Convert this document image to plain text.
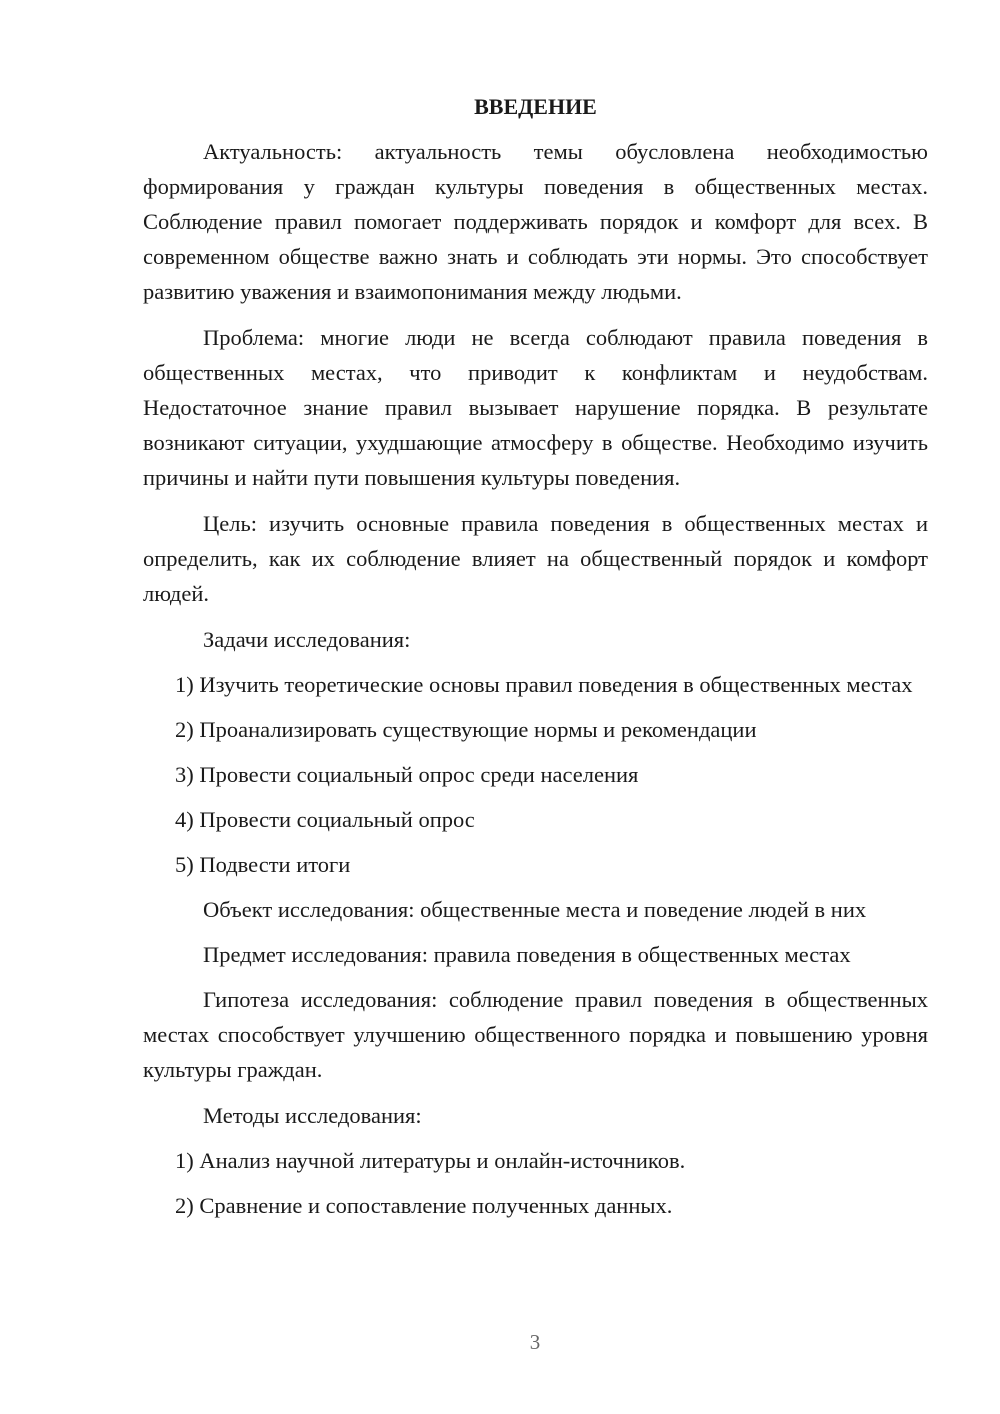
ВВЕДЕНИЕ

Актуальность: актуальность темы обусловлена необходимостью формирования у граждан культуры поведения в общественных местах. Соблюдение правил помогает поддерживать порядок и комфорт для всех. В современном обществе важно знать и соблюдать эти нормы. Это способствует развитию уважения и взаимопонимания между людьми.

Проблема: многие люди не всегда соблюдают правила поведения в общественных местах, что приводит к конфликтам и неудобствам. Недостаточное знание правил вызывает нарушение порядка. В результате возникают ситуации, ухудшающие атмосферу в обществе. Необходимо изучить причины и найти пути повышения культуры поведения.

Цель: изучить основные правила поведения в общественных местах и определить, как их соблюдение влияет на общественный порядок и комфорт людей.

Задачи исследования:

1) Изучить теоретические основы правил поведения в общественных местах

2) Проанализировать существующие нормы и рекомендации

3) Провести социальный опрос среди населения

4) Провести социальный опрос

5) Подвести итоги

Объект исследования: общественные места и поведение людей в них

Предмет исследования: правила поведения в общественных местах

Гипотеза исследования: соблюдение правил поведения в общественных местах способствует улучшению общественного порядка и повышению уровня культуры граждан.

Методы исследования:

1) Анализ научной литературы и онлайн-источников.

2) Сравнение и сопоставление полученных данных.

3
